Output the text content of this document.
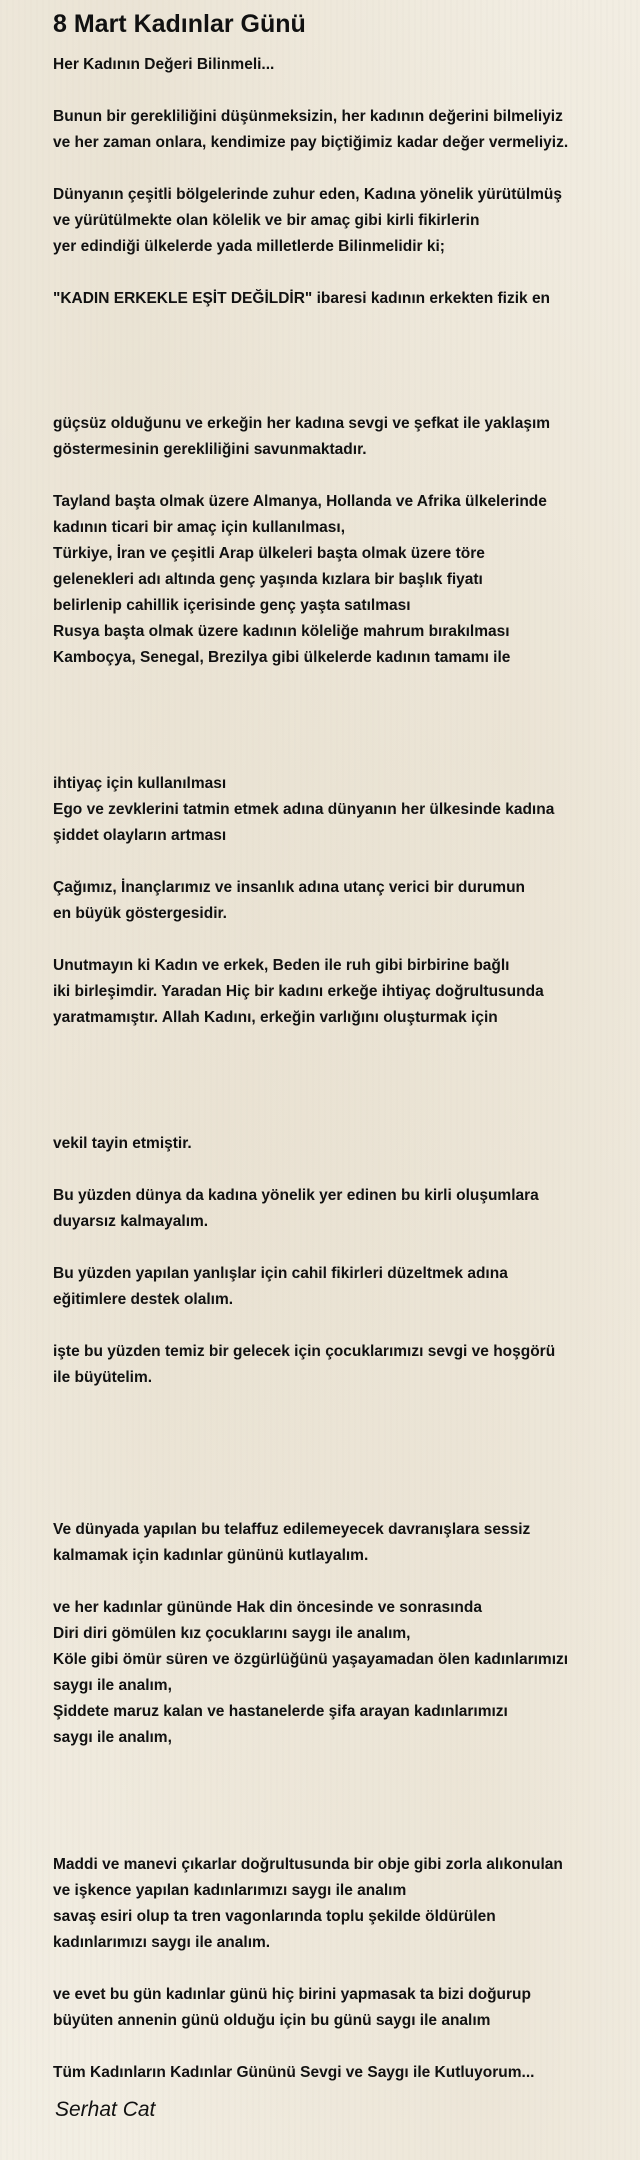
8 Mart Kadınlar Günü

Her Kadının Değeri Bilinmeli...

Bunun bir gerekliliğini düşünmeksizin, her kadının değerini bilmeliyiz
ve her zaman onlara, kendimize pay biçtiğimiz kadar değer vermeliyiz.

Dünyanın çeşitli bölgelerinde zuhur eden, Kadına yönelik yürütülmüş
ve yürütülmekte olan kölelik ve bir amaç gibi kirli fikirlerin
yer edindiği ülkelerde yada milletlerde Bilinmelidir ki;

"KADIN ERKEKLE EŞİT DEĞİLDİR" ibaresi kadının erkekten fizik en

güçsüz olduğunu ve erkeğin her kadına sevgi ve şefkat ile yaklaşım
göstermesinin gerekliliğini savunmaktadır.

Tayland başta olmak üzere Almanya, Hollanda ve Afrika ülkelerinde
kadının ticari bir amaç için kullanılması,
Türkiye, İran ve çeşitli Arap ülkeleri başta olmak üzere töre
gelenekleri adı altında genç yaşında kızlara bir başlık fiyatı
belirlenip cahillik içerisinde genç yaşta satılması
Rusya başta olmak üzere kadının köleliğe mahrum bırakılması
Kamboçya, Senegal, Brezilya gibi ülkelerde kadının tamamı ile

ihtiyaç için kullanılması
Ego ve zevklerini tatmin etmek adına dünyanın her ülkesinde kadına
şiddet olayların artması

Çağımız, İnançlarımız ve insanlık adına utanç verici bir durumun
en büyük göstergesidir.

Unutmayın ki Kadın ve erkek, Beden ile ruh gibi birbirine bağlı
iki birleşimdir. Yaradan Hiç bir kadını erkeğe ihtiyaç doğrultusunda
yaratmamıştır. Allah Kadını, erkeğin varlığını oluşturmak için

vekil tayin etmiştir.

Bu yüzden dünya da kadına yönelik yer edinen bu kirli oluşumlara
duyarsız kalmayalım.

Bu yüzden yapılan yanlışlar için cahil fikirleri düzeltmek adına
eğitimlere destek olalım.

işte bu yüzden temiz bir gelecek için çocuklarımızı sevgi ve hoşgörü
ile büyütelim.

Ve dünyada yapılan bu telaffuz edilemeyecek davranışlara sessiz
kalmamak için kadınlar gününü kutlayalım.

ve her kadınlar gününde Hak din öncesinde ve sonrasında
Diri diri gömülen kız çocuklarını saygı ile analım,
Köle gibi ömür süren ve özgürlüğünü yaşayamadan ölen kadınlarımızı
saygı ile analım,
Şiddete maruz kalan ve hastanelerde şifa arayan kadınlarımızı
saygı ile analım,

Maddi ve manevi çıkarlar doğrultusunda bir obje gibi zorla alıkonulan
ve işkence yapılan kadınlarımızı saygı ile analım
savaş esiri olup ta tren vagonlarında toplu şekilde öldürülen
kadınlarımızı saygı ile analım.

ve evet bu gün kadınlar günü hiç birini yapmasak ta bizi doğurup
büyüten annenin günü olduğu için bu günü saygı ile analım

Tüm Kadınların Kadınlar Gününü Sevgi ve Saygı ile Kutluyorum...

Serhat Cat
